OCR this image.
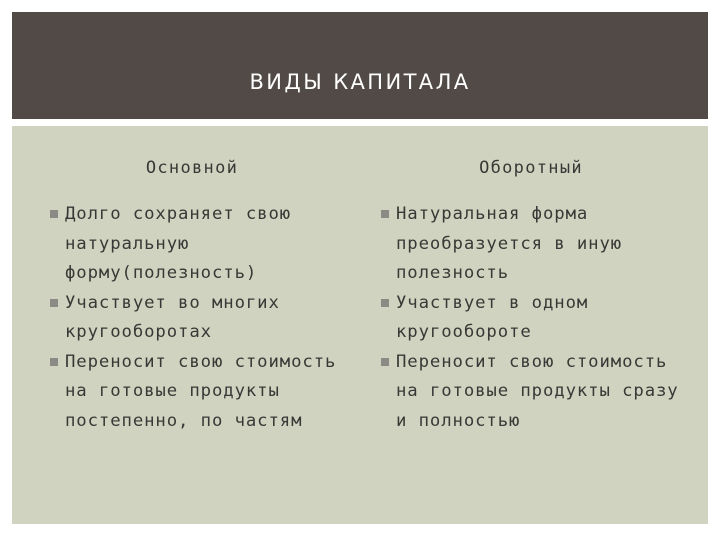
ВИДЫ КАПИТАЛА
Основной
Долго сохраняет свою натуральную форму(полезность)
Участвует во многих кругооборотах
Переносит свою стоимость на готовые продукты постепенно, по частям
Оборотный
Натуральная форма преобразуется в иную полезность
Участвует в одном кругообороте
Переносит свою стоимость на готовые продукты сразу и полностью
